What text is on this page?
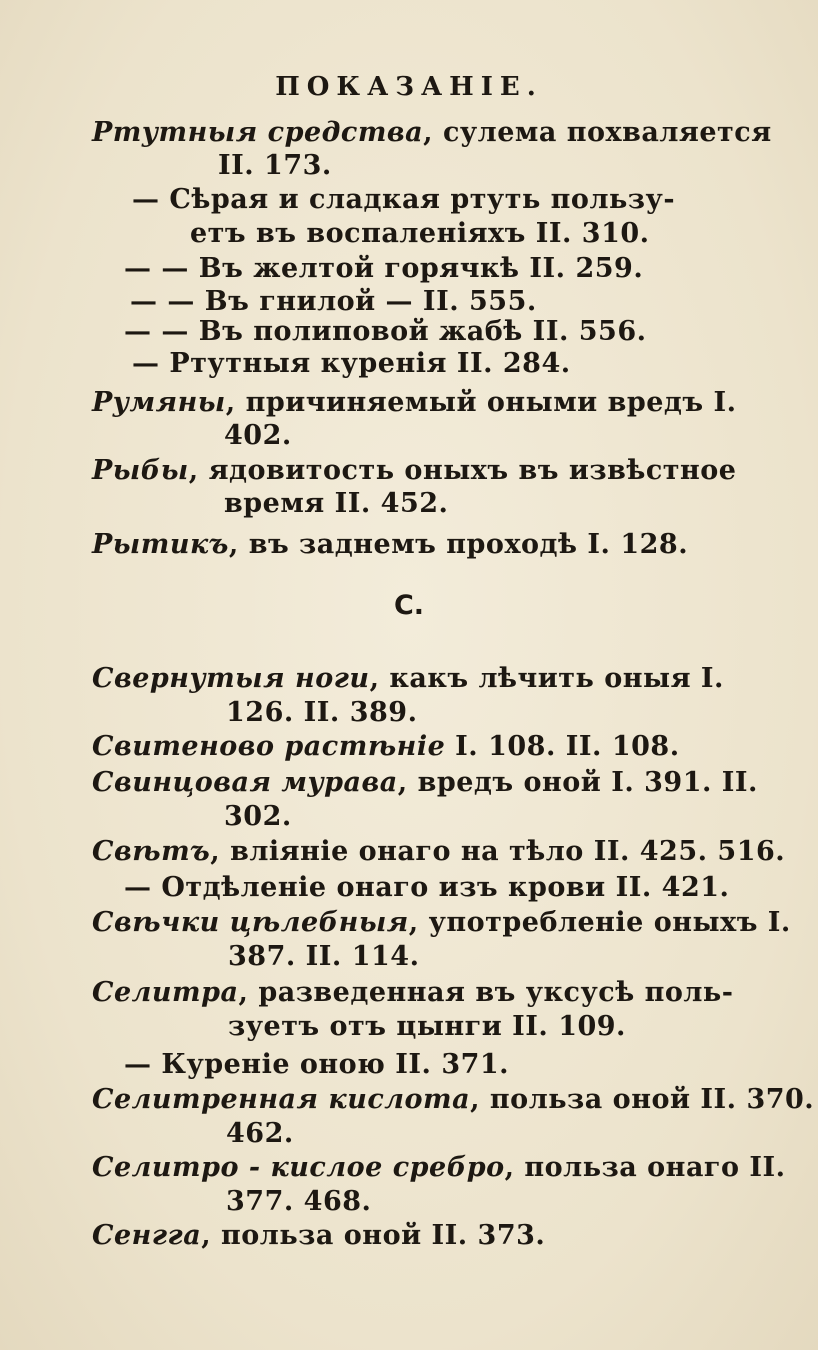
ПОКАЗАНІЕ.
Ртутныя средства, сулема похваляется
II. 173.
— Сѣрая и сладкая ртуть пользу-
етъ въ воспаленіяхъ II. 310.
— — Въ желтой горячкѣ II. 259.
— — Въ гнилой — II. 555.
— — Въ полиповой жабѣ II. 556.
— Ртутныя куренія II. 284.
Румяны, причиняемый оными вредъ I.
402.
Рыбы, ядовитость оныхъ въ извѣстное
время II. 452.
Рытикъ, въ заднемъ проходѣ I. 128.
С.
Свернутыя ноги, какъ лѣчить оныя I.
126. II. 389.
Свитеново растѣніе I. 108. II. 108.
Свинцовая мурава, вредъ оной I. 391. II.
302.
Свѣтъ, вліяніе онаго на тѣло II. 425. 516.
— Отдѣленіе онаго изъ крови II. 421.
Свѣчки цѣлебныя, употребленіе оныхъ I.
387. II. 114.
Селитра, разведенная въ уксусѣ поль-
зуетъ отъ цынги II. 109.
— Куреніе оною II. 371.
Селитренная кислота, польза оной II. 370.
462.
Селитро - кислое сребро, польза онаго II.
377. 468.
Сенгга, польза оной II. 373.
